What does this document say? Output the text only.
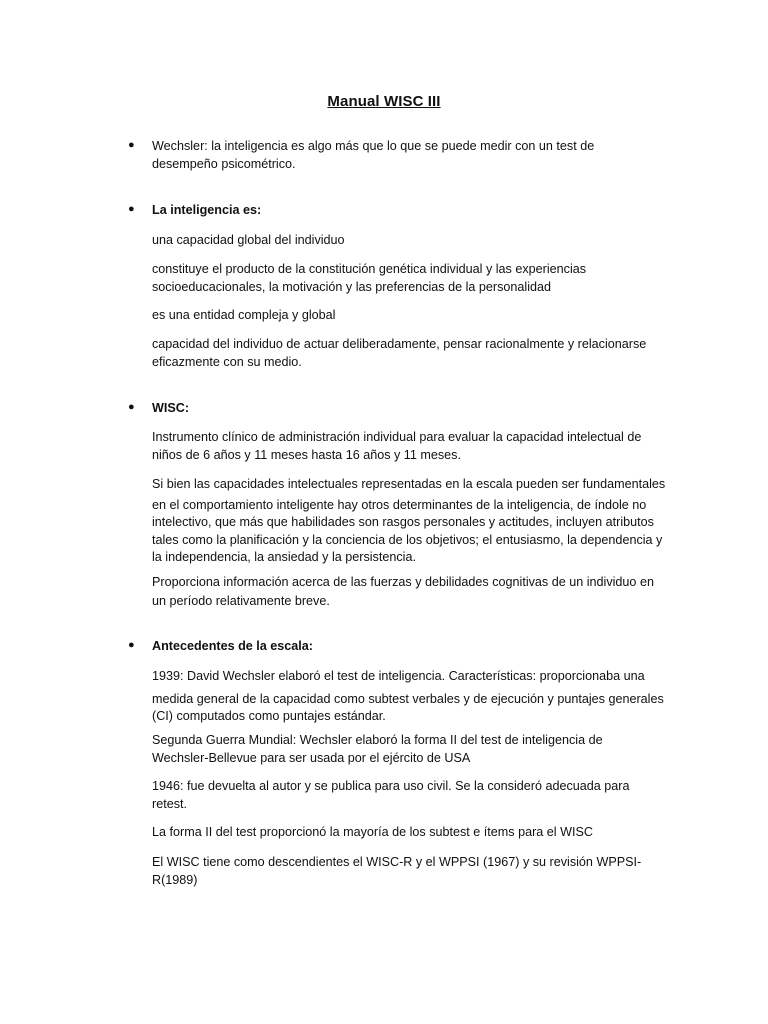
Manual WISC III
●	Wechsler: la inteligencia es algo más que lo que se puede medir con un test de
desempeño psicométrico.
●	La inteligencia es:
una capacidad global del individuo
constituye el producto de la constitución genética individual y las experiencias
socioeducacionales, la motivación y las preferencias de la personalidad
es una entidad compleja y global
capacidad del individuo de actuar deliberadamente, pensar racionalmente y relacionarse
eficazmente con su medio.
●	WISC:
Instrumento clínico de administración individual para evaluar la capacidad intelectual de
niños de 6 años y 11 meses hasta 16 años y 11 meses.
Si bien las capacidades intelectuales representadas en la escala pueden ser fundamentales
en el comportamiento inteligente hay otros determinantes de la inteligencia, de índole no
intelectivo, que más que habilidades son rasgos personales y actitudes, incluyen atributos
tales como la planificación y la conciencia de los objetivos; el entusiasmo, la dependencia y
la independencia, la ansiedad y la persistencia.
Proporciona información acerca de las fuerzas y debilidades cognitivas de un individuo en
un período relativamente breve.
●	Antecedentes de la escala:
1939: David Wechsler elaboró el test de inteligencia. Características: proporcionaba una
medida general de la capacidad como subtest verbales y de ejecución y puntajes generales
(CI) computados como puntajes estándar.
Segunda Guerra Mundial: Wechsler elaboró la forma II del test de inteligencia de
Wechsler-Bellevue para ser usada por el ejército de USA
1946: fue devuelta al autor y se publica para uso civil. Se la consideró adecuada para
retest.
La forma II del test proporcionó la mayoría de los subtest e ítems para el WISC
El WISC tiene como descendientes el WISC-R y el WPPSI (1967) y su revisión WPPSI-
R(1989)
